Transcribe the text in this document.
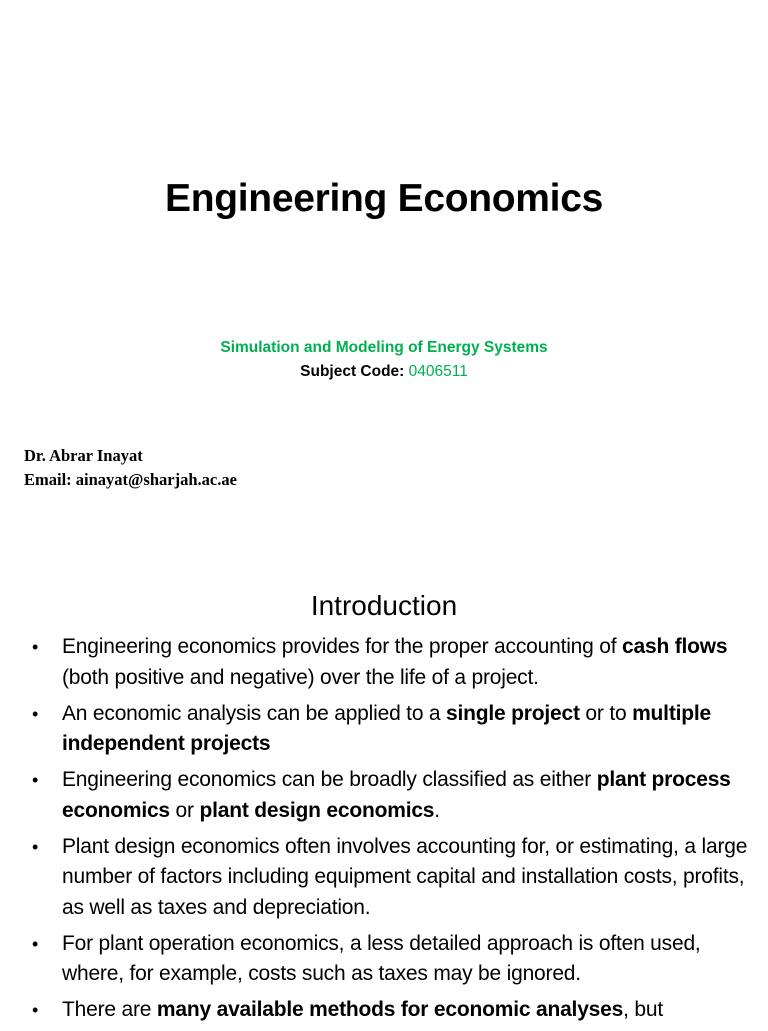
Engineering Economics
Simulation and Modeling of Energy Systems
Subject Code: 0406511
Dr. Abrar Inayat
Email: ainayat@sharjah.ac.ae
Introduction
• Engineering economics provides for the proper accounting of cash flows (both positive and negative) over the life of a project.
• An economic analysis can be applied to a single project or to multiple independent projects
• Engineering economics can be broadly classified as either plant process economics or plant design economics.
• Plant design economics often involves accounting for, or estimating, a large number of factors including equipment capital and installation costs, profits, as well as taxes and depreciation.
• For plant operation economics, a less detailed approach is often used, where, for example, costs such as taxes may be ignored.
• There are many available methods for economic analyses, but
